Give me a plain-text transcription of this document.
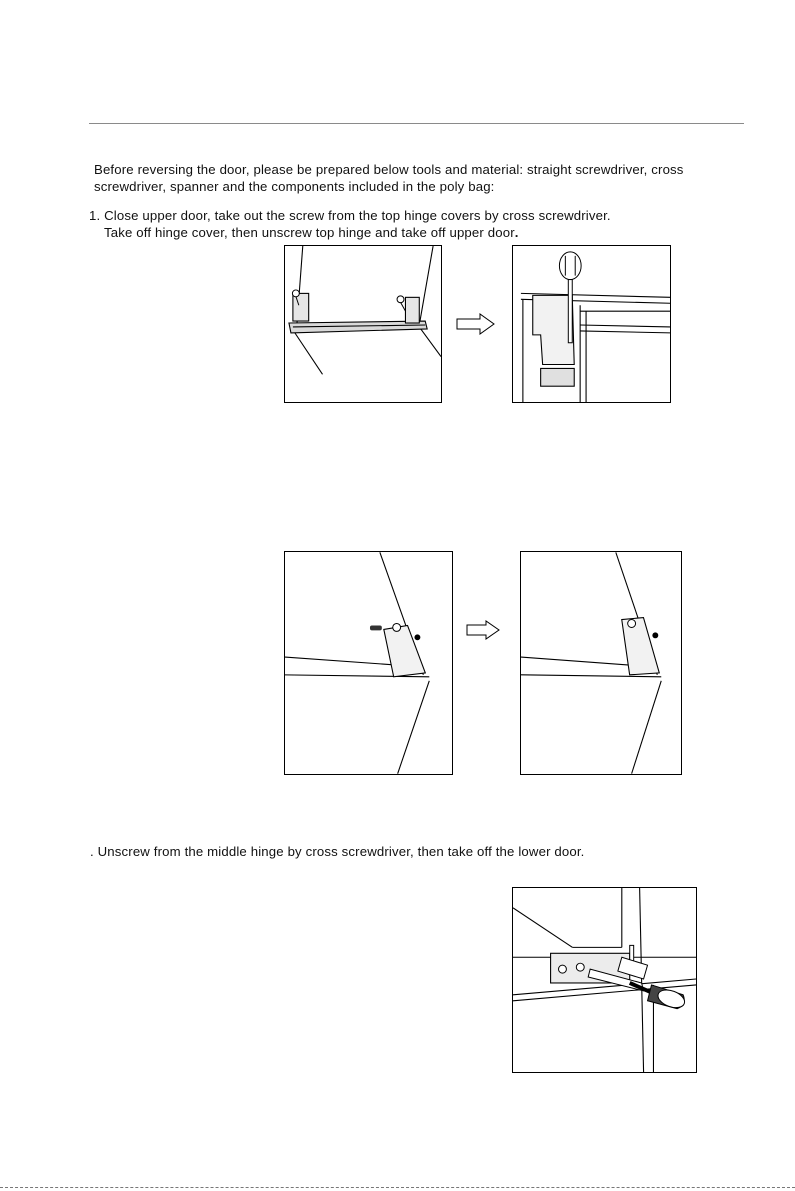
Before reversing the door, please be prepared below tools and material: straight screwdriver, cross
screwdriver, spanner and the components included in the poly bag:
1. Close upper door, take out the screw from the top hinge covers by cross screwdriver.
Take off hinge cover, then unscrew top hinge and take off upper door.
. Unscrew from the middle hinge by cross screwdriver, then take off the lower door.
